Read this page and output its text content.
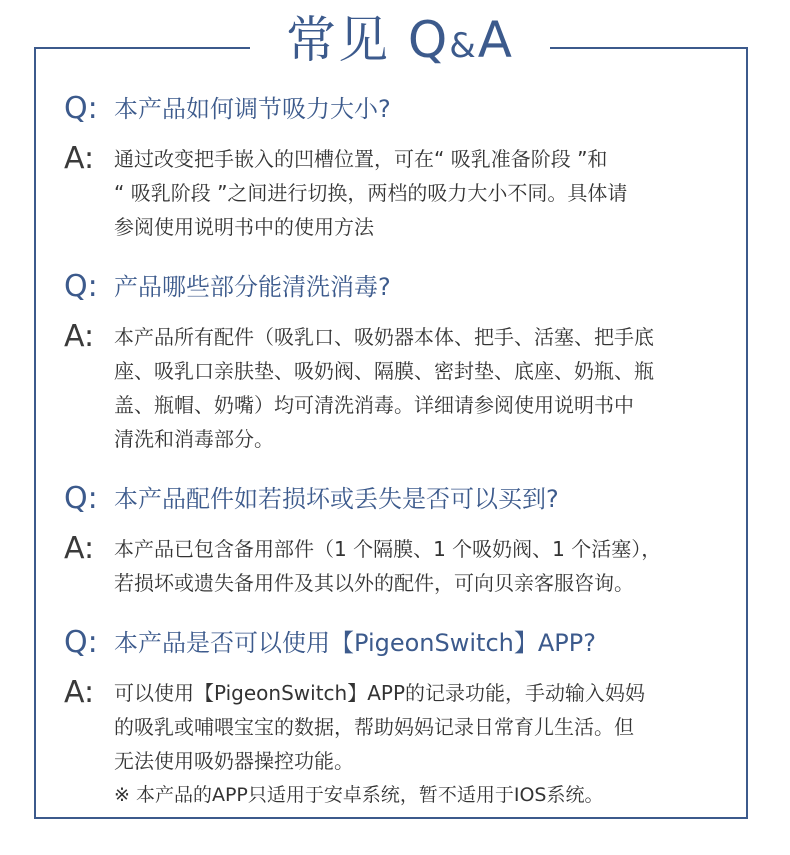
常见 Q&A
Q: 本产品如何调节吸力大小?
A: 通过改变把手嵌入的凹槽位置，可在“ 吸乳准备阶段 ”和
“ 吸乳阶段 ”之间进行切换，两档的吸力大小不同。具体请
参阅使用说明书中的使用方法
Q: 产品哪些部分能清洗消毒?
A: 本产品所有配件（吸乳口、吸奶器本体、把手、活塞、把手底
座、吸乳口亲肤垫、吸奶阀、隔膜、密封垫、底座、奶瓶、瓶
盖、瓶帽、奶嘴）均可清洗消毒。详细请参阅使用说明书中
清洗和消毒部分。
Q: 本产品配件如若损坏或丢失是否可以买到?
A: 本产品已包含备用部件（1 个隔膜、1 个吸奶阀、1 个活塞），
若损坏或遗失备用件及其以外的配件，可向贝亲客服咨询。
Q: 本产品是否可以使用【PigeonSwitch】APP?
A: 可以使用【PigeonSwitch】APP的记录功能，手动输入妈妈
的吸乳或哺喂宝宝的数据，帮助妈妈记录日常育儿生活。但
无法使用吸奶器操控功能。
※ 本产品的APP只适用于安卓系统，暂不适用于IOS系统。
